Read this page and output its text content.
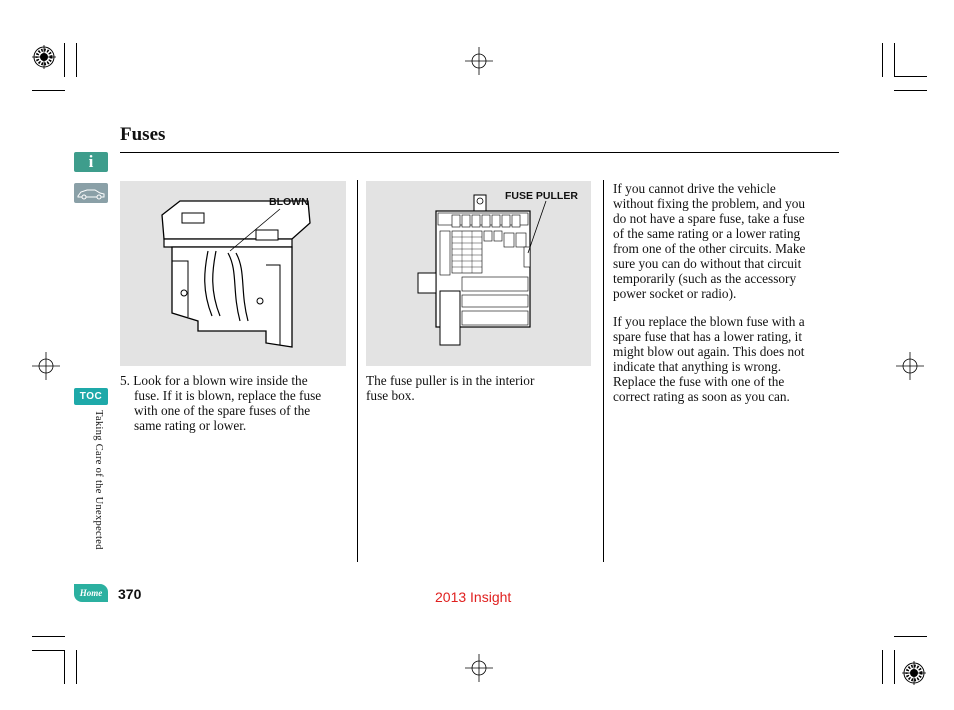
Fuses
i
TOC
Taking Care of the Unexpected
Home
BLOWN	FUSE PULLER
5. Look for a blown wire inside the
fuse. If it is blown, replace the fuse
with one of the spare fuses of the
same rating or lower.
The fuse puller is in the interior
fuse box.
If you cannot drive the vehicle
without fixing the problem, and you
do not have a spare fuse, take a fuse
of the same rating or a lower rating
from one of the other circuits. Make
sure you can do without that circuit
temporarily (such as the accessory
power socket or radio).
If you replace the blown fuse with a
spare fuse that has a lower rating, it
might blow out again. This does not
indicate that anything is wrong.
Replace the fuse with one of the
correct rating as soon as you can.
370	2013 Insight
